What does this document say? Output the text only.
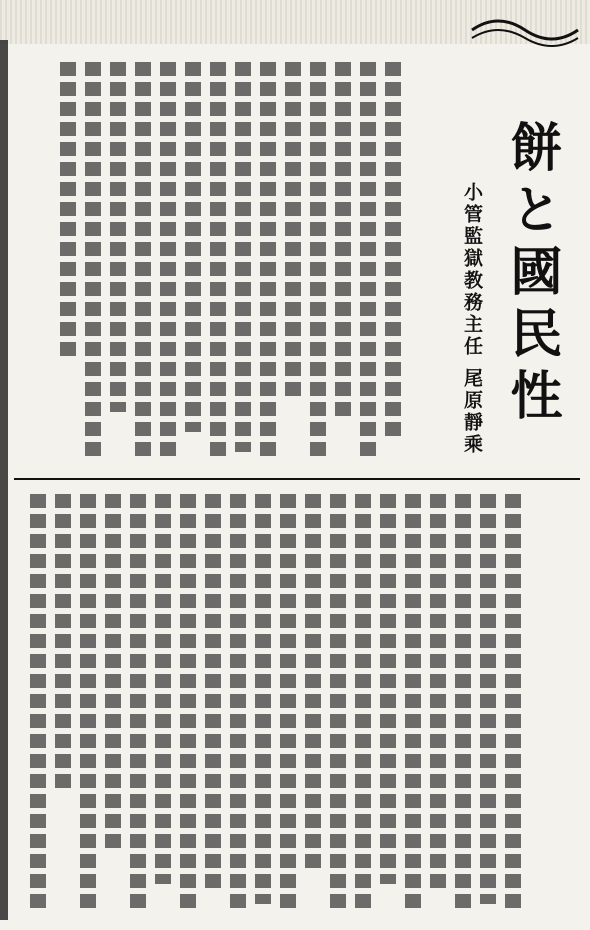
餅と國民性
小管監獄教務主任 尾原靜乘
